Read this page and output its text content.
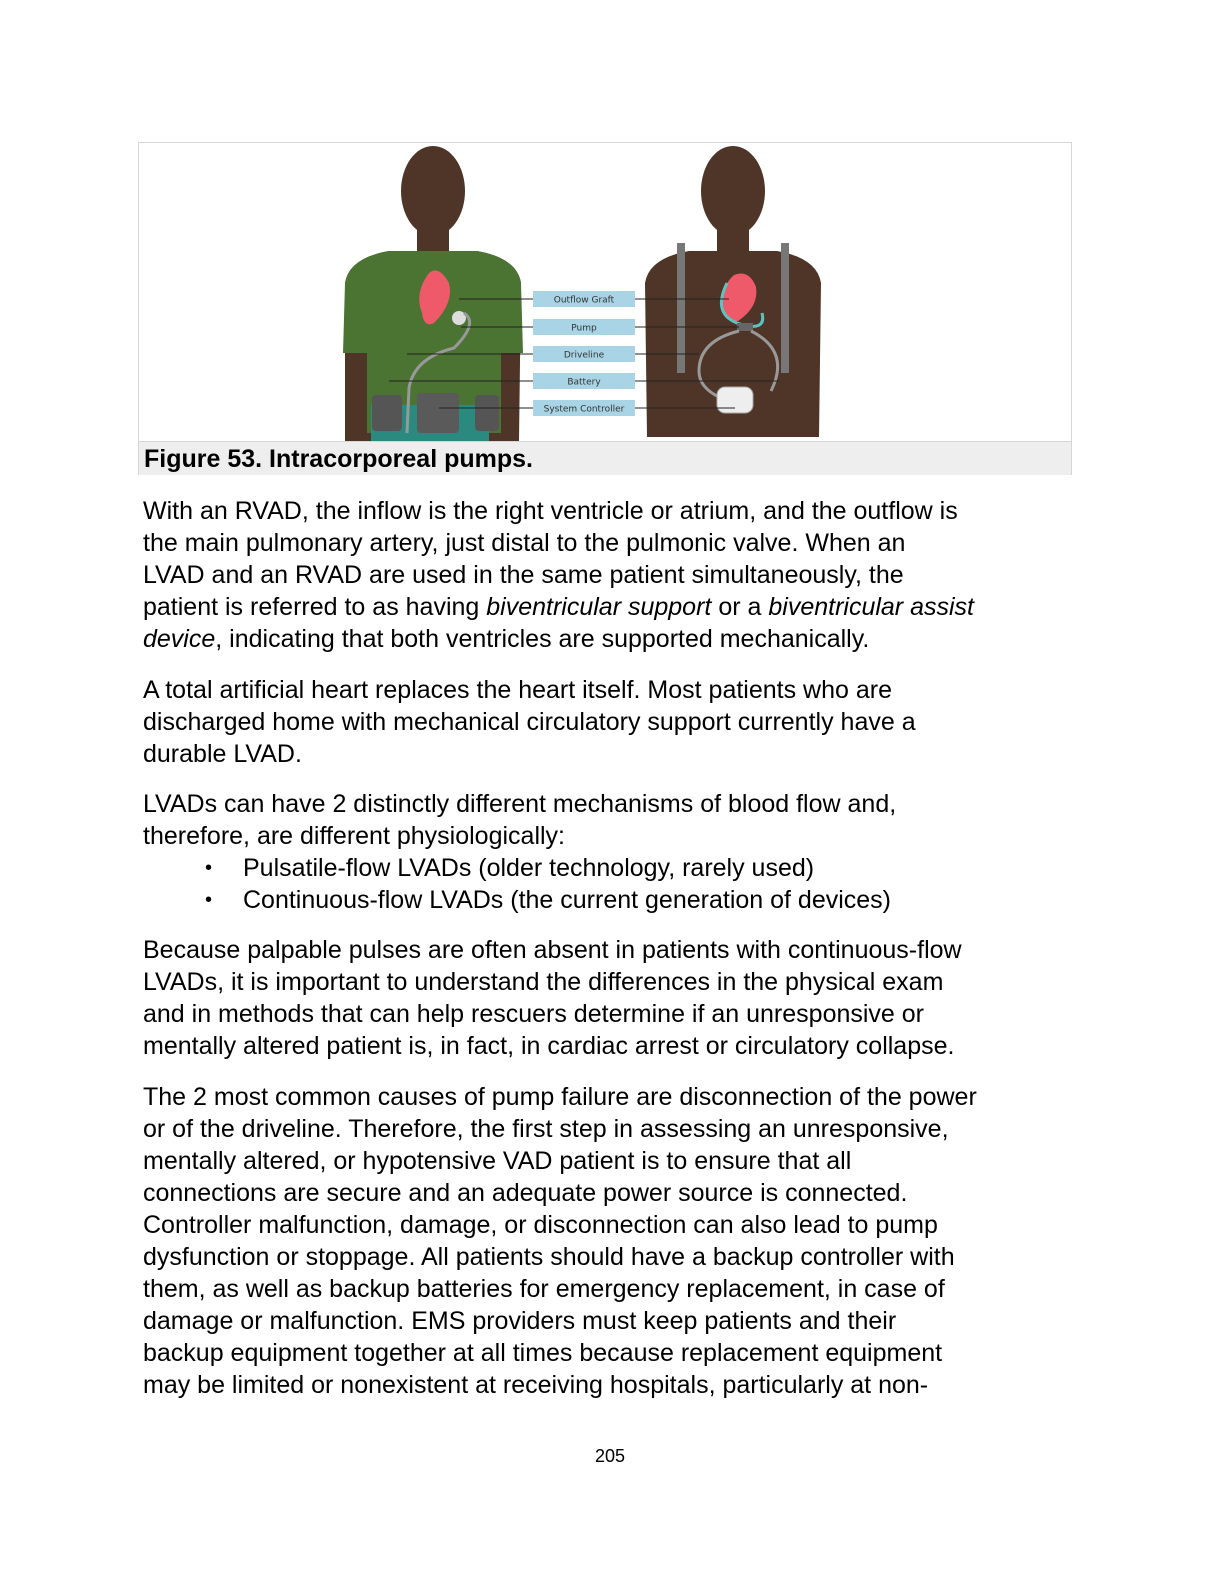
Outflow Graft
Pump
Driveline
Battery
System Controller
Figure 53. Intracorporeal pumps.
With an RVAD, the inflow is the right ventricle or atrium, and the outflow is
the main pulmonary artery, just distal to the pulmonic valve. When an
LVAD and an RVAD are used in the same patient simultaneously, the
patient is referred to as having biventricular support or a biventricular assist
device, indicating that both ventricles are supported mechanically.
A total artificial heart replaces the heart itself. Most patients who are
discharged home with mechanical circulatory support currently have a
durable LVAD.
LVADs can have 2 distinctly different mechanisms of blood flow and,
therefore, are different physiologically:
• Pulsatile-flow LVADs (older technology, rarely used)
• Continuous-flow LVADs (the current generation of devices)
Because palpable pulses are often absent in patients with continuous-flow
LVADs, it is important to understand the differences in the physical exam
and in methods that can help rescuers determine if an unresponsive or
mentally altered patient is, in fact, in cardiac arrest or circulatory collapse.
The 2 most common causes of pump failure are disconnection of the power
or of the driveline. Therefore, the first step in assessing an unresponsive,
mentally altered, or hypotensive VAD patient is to ensure that all
connections are secure and an adequate power source is connected.
Controller malfunction, damage, or disconnection can also lead to pump
dysfunction or stoppage. All patients should have a backup controller with
them, as well as backup batteries for emergency replacement, in case of
damage or malfunction. EMS providers must keep patients and their
backup equipment together at all times because replacement equipment
may be limited or nonexistent at receiving hospitals, particularly at non-
205
